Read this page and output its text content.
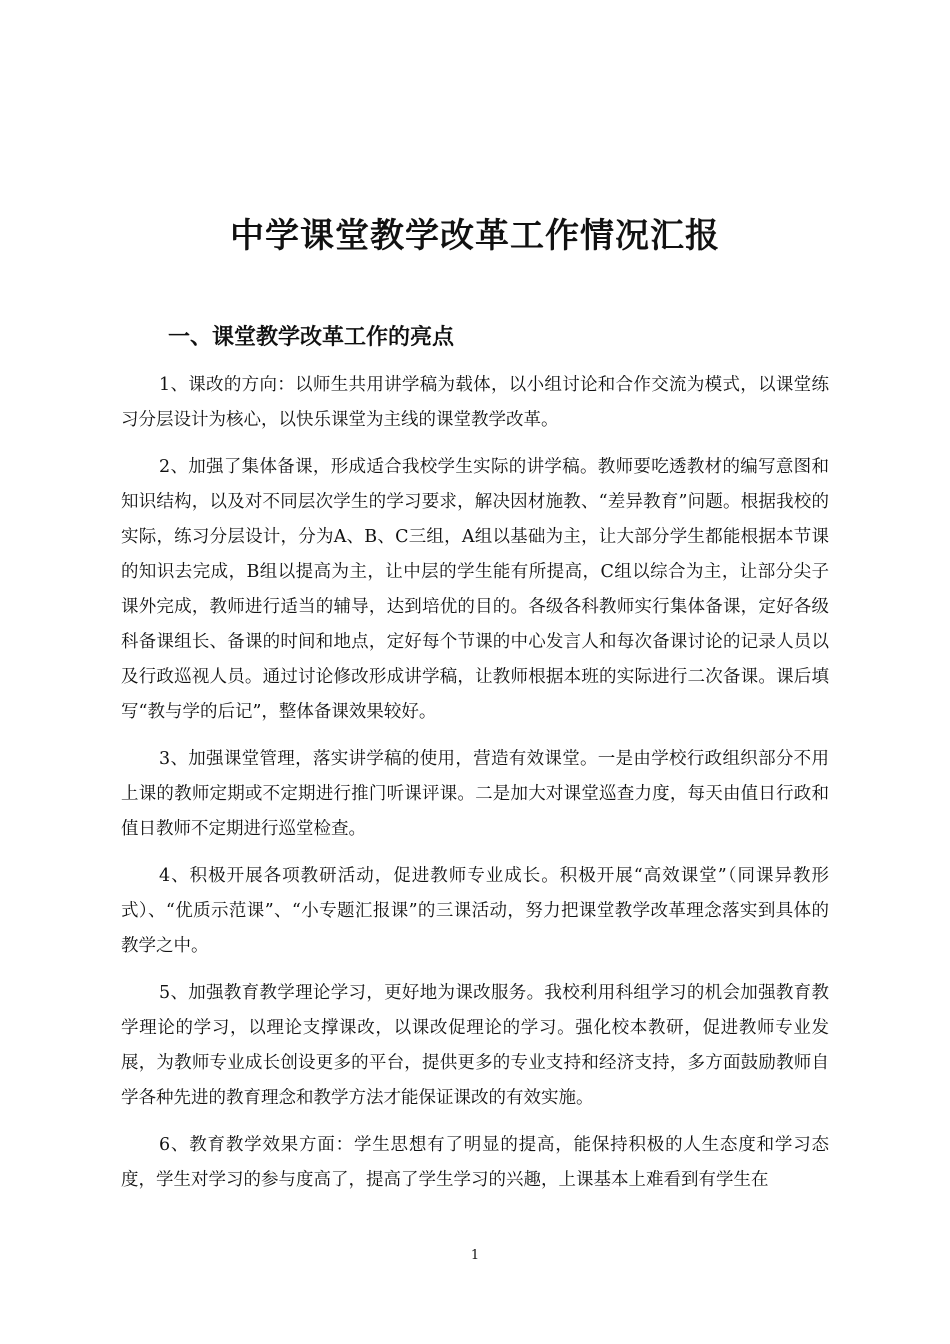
中学课堂教学改革工作情况汇报
一、课堂教学改革工作的亮点

1、课改的方向：以师生共用讲学稿为载体，以小组讨论和合作交流为模式，以课堂练习分层设计为核心，以快乐课堂为主线的课堂教学改革。

2、加强了集体备课，形成适合我校学生实际的讲学稿。教师要吃透教材的编写意图和知识结构，以及对不同层次学生的学习要求，解决因材施教、“差异教育”问题。根据我校的实际，练习分层设计，分为A、B、C三组，A组以基础为主，让大部分学生都能根据本节课的知识去完成，B组以提高为主，让中层的学生能有所提高，C组以综合为主，让部分尖子课外完成，教师进行适当的辅导，达到培优的目的。各级各科教师实行集体备课，定好各级科备课组长、备课的时间和地点，定好每个节课的中心发言人和每次备课讨论的记录人员以及行政巡视人员。通过讨论修改形成讲学稿，让教师根据本班的实际进行二次备课。课后填写“教与学的后记”，整体备课效果较好。

3、加强课堂管理，落实讲学稿的使用，营造有效课堂。一是由学校行政组织部分不用上课的教师定期或不定期进行推门听课评课。二是加大对课堂巡查力度，每天由值日行政和值日教师不定期进行巡堂检查。

4、积极开展各项教研活动，促进教师专业成长。积极开展“高效课堂”（同课异教形式）、“优质示范课”、“小专题汇报课”的三课活动，努力把课堂教学改革理念落实到具体的教学之中。

5、加强教育教学理论学习，更好地为课改服务。我校利用科组学习的机会加强教育教学理论的学习，以理论支撑课改，以课改促理论的学习。强化校本教研，促进教师专业发展，为教师专业成长创设更多的平台，提供更多的专业支持和经济支持，多方面鼓励教师自学各种先进的教育理念和教学方法才能保证课改的有效实施。

6、教育教学效果方面：学生思想有了明显的提高，能保持积极的人生态度和学习态度，学生对学习的参与度高了，提高了学生学习的兴趣，上课基本上难看到有学生在

1
